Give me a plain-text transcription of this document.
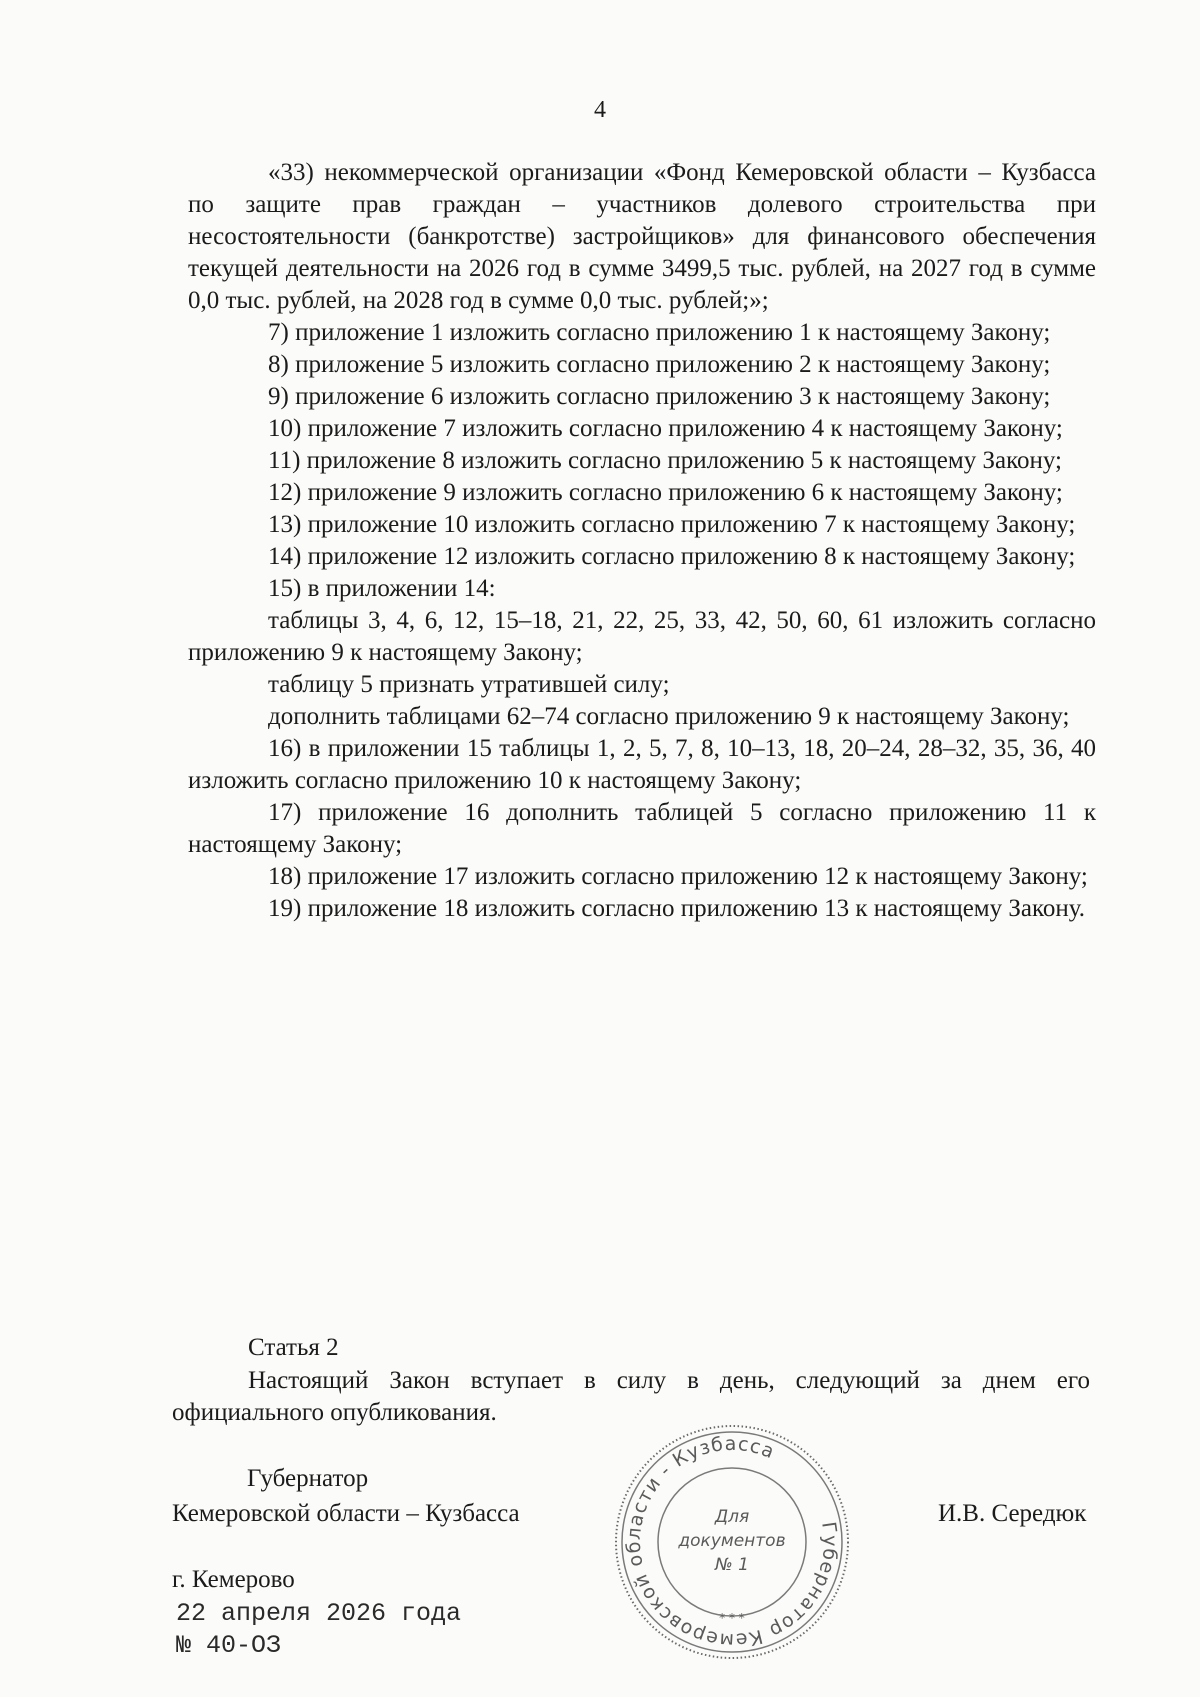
4

«33) некоммерческой организации «Фонд Кемеровской области – Кузбасса по защите прав граждан – участников долевого строительства при несостоятельности (банкротстве) застройщиков» для финансового обеспечения текущей деятельности на 2026 год в сумме 3499,5 тыс. рублей, на 2027 год в сумме 0,0 тыс. рублей, на 2028 год в сумме 0,0 тыс. рублей;»;

7) приложение 1 изложить согласно приложению 1 к настоящему Закону;

8) приложение 5 изложить согласно приложению 2 к настоящему Закону;

9) приложение 6 изложить согласно приложению 3 к настоящему Закону;

10) приложение 7 изложить согласно приложению 4 к настоящему Закону;

11) приложение 8 изложить согласно приложению 5 к настоящему Закону;

12) приложение 9 изложить согласно приложению 6 к настоящему Закону;

13) приложение 10 изложить согласно приложению 7 к настоящему Закону;

14) приложение 12 изложить согласно приложению 8 к настоящему Закону;

15) в приложении 14:

таблицы 3, 4, 6, 12, 15–18, 21, 22, 25, 33, 42, 50, 60, 61 изложить согласно приложению 9 к настоящему Закону;

таблицу 5 признать утратившей силу;

дополнить таблицами 62–74 согласно приложению 9 к настоящему Закону;

16) в приложении 15 таблицы 1, 2, 5, 7, 8, 10–13, 18, 20–24, 28–32, 35, 36, 40 изложить согласно приложению 10 к настоящему Закону;

17) приложение 16 дополнить таблицей 5 согласно приложению 11 к настоящему Закону;

18) приложение 17 изложить согласно приложению 12 к настоящему Закону;

19) приложение 18 изложить согласно приложению 13 к настоящему Закону.

Статья 2

Настоящий Закон вступает в силу в день, следующий за днем его официального опубликования.

Губернатор
Кемеровской области – Кузбасса	И.В. Середюк
г. Кемерово
22 апреля 2026 года
№ 40-ОЗ
Губернатор Кемеровской области - Кузбасса
Для
документов
№ 1
* * *
